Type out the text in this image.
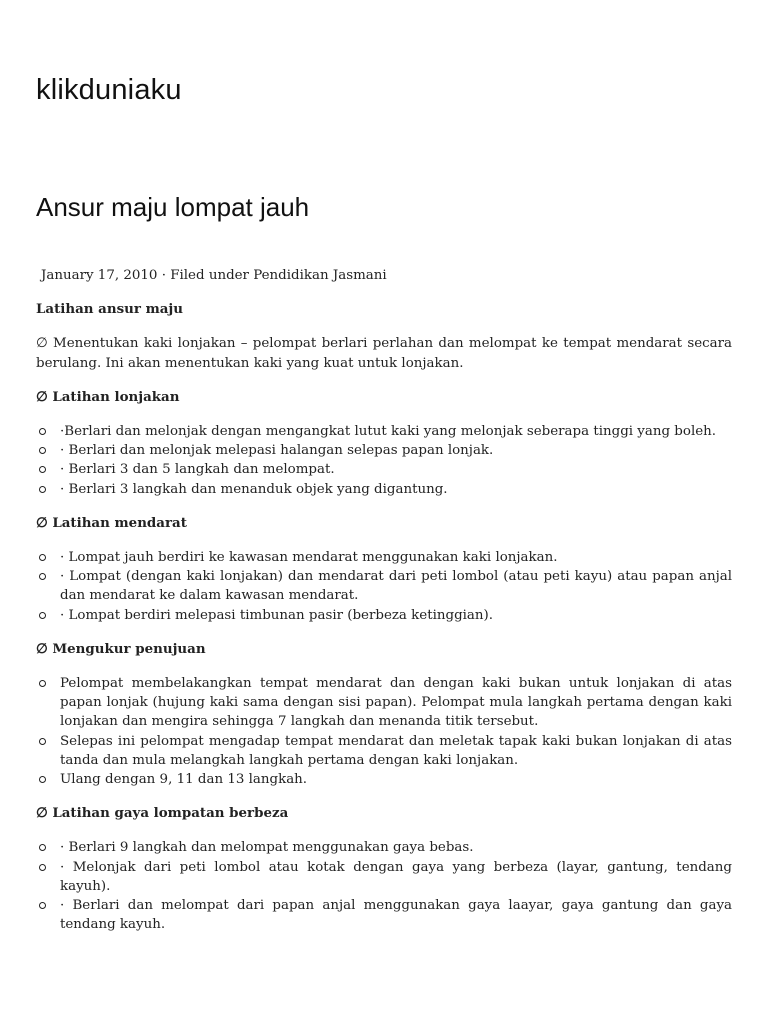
klikduniaku
Ansur maju lompat jauh

January 17, 2010 · Filed under Pendidikan Jasmani

Latihan ansur maju

∅ Menentukan kaki lonjakan – pelompat berlari perlahan dan melompat ke tempat mendarat secara berulang. Ini akan menentukan kaki yang kuat untuk lonjakan.

∅ Latihan lonjakan

·Berlari dan melonjak dengan mengangkat lutut kaki yang melonjak seberapa tinggi yang boleh.
· Berlari dan melonjak melepasi halangan selepas papan lonjak.
· Berlari 3 dan 5 langkah dan melompat.
· Berlari 3 langkah dan menanduk objek yang digantung.

∅ Latihan mendarat

· Lompat jauh berdiri ke kawasan mendarat menggunakan kaki lonjakan.
· Lompat (dengan kaki lonjakan) dan mendarat dari peti lombol (atau peti kayu) atau papan anjal dan mendarat ke dalam kawasan mendarat.
· Lompat berdiri melepasi timbunan pasir (berbeza ketinggian).

∅ Mengukur penujuan

Pelompat membelakangkan tempat mendarat dan dengan kaki bukan untuk lonjakan di atas papan lonjak (hujung kaki sama dengan sisi papan). Pelompat mula langkah pertama dengan kaki lonjakan dan mengira sehingga 7 langkah dan menanda titik tersebut.
Selepas ini pelompat mengadap tempat mendarat dan meletak tapak kaki bukan lonjakan di atas tanda dan mula melangkah langkah pertama dengan kaki lonjakan.
Ulang dengan 9, 11 dan 13 langkah.

∅ Latihan gaya lompatan berbeza

· Berlari 9 langkah dan melompat menggunakan gaya bebas.
· Melonjak dari peti lombol atau kotak dengan gaya yang berbeza (layar, gantung, tendang kayuh).
· Berlari dan melompat dari papan anjal menggunakan gaya laayar, gaya gantung dan gaya tendang kayuh.
